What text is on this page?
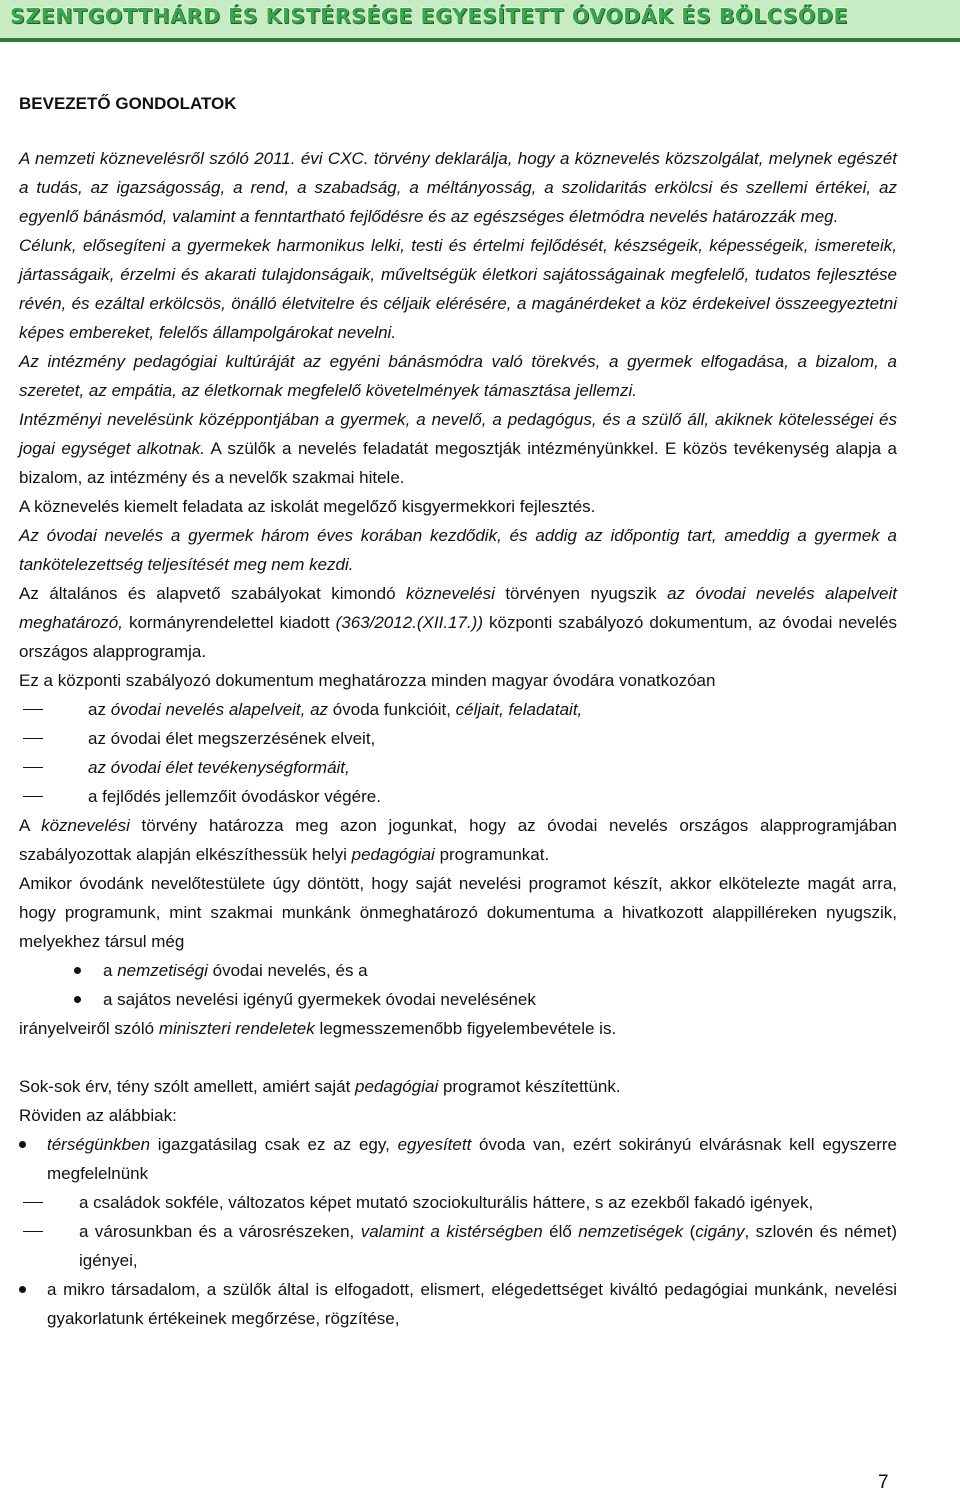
SZENTGOTTHÁRD ÉS KISTÉRSÉGE EGYESÍTETT ÓVODÁK ÉS BÖLCSŐDE

BEVEZETŐ GONDOLATOK

A nemzeti köznevelésről szóló 2011. évi CXC. törvény deklarálja, hogy a köznevelés közszolgálat, melynek egészét a tudás, az igazságosság, a rend, a szabadság, a méltányosság, a szolidaritás erkölcsi és szellemi értékei, az egyenlő bánásmód, valamint a fenntartható fejlődésre és az egészséges életmódra nevelés határozzák meg.

Célunk, elősegíteni a gyermekek harmonikus lelki, testi és értelmi fejlődését, készségeik, képességeik, ismereteik, jártasságaik, érzelmi és akarati tulajdonságaik, műveltségük életkori sajátosságainak megfelelő, tudatos fejlesztése révén, és ezáltal erkölcsös, önálló életvitelre és céljaik elérésére, a magánérdeket a köz érdekeivel összeegyeztetni képes embereket, felelős állampolgárokat nevelni.

Az intézmény pedagógiai kultúráját az egyéni bánásmódra való törekvés, a gyermek elfogadása, a bizalom, a szeretet, az empátia, az életkornak megfelelő követelmények támasztása jellemzi.

Intézményi nevelésünk középpontjában a gyermek, a nevelő, a pedagógus, és a szülő áll, akiknek kötelességei és jogai egységet alkotnak. A szülők a nevelés feladatát megosztják intézményünkkel. E közös tevékenység alapja a bizalom, az intézmény és a nevelők szakmai hitele.

A köznevelés kiemelt feladata az iskolát megelőző kisgyermekkori fejlesztés.

Az óvodai nevelés a gyermek három éves korában kezdődik, és addig az időpontig tart, ameddig a gyermek a tankötelezettség teljesítését meg nem kezdi.

Az általános és alapvető szabályokat kimondó köznevelési törvényen nyugszik az óvodai nevelés alapelveit meghatározó, kormányrendelettel kiadott (363/2012.(XII.17.)) központi szabályozó dokumentum, az óvodai nevelés országos alapprogramja.

Ez a központi szabályozó dokumentum meghatározza minden magyar óvodára vonatkozóan

az óvodai nevelés alapelveit, az óvoda funkcióit, céljait, feladatait,
az óvodai élet megszerzésének elveit,
az óvodai élet tevékenységformáit,
a fejlődés jellemzőit óvodáskor végére.

A köznevelési törvény határozza meg azon jogunkat, hogy az óvodai nevelés országos alapprogramjában szabályozottak alapján elkészíthessük helyi pedagógiai programunkat.

Amikor óvodánk nevelőtestülete úgy döntött, hogy saját nevelési programot készít, akkor elkötelezte magát arra, hogy programunk, mint szakmai munkánk önmeghatározó dokumentuma a hivatkozott alappilléreken nyugszik, melyekhez társul még

a nemzetiségi óvodai nevelés, és a
a sajátos nevelési igényű gyermekek óvodai nevelésének

irányelveiről szóló miniszteri rendeletek legmesszemenőbb figyelembevétele is.

Sok-sok érv, tény szólt amellett, amiért saját pedagógiai programot készítettünk.

Röviden az alábbiak:

térségünkben igazgatásilag csak ez az egy, egyesített óvoda van, ezért sokirányú elvárásnak kell egyszerre megfelelnünk
a családok sokféle, változatos képet mutató szociokulturális háttere, s az ezekből fakadó igények,
a városunkban és a városrészeken, valamint a kistérségben élő nemzetiségek (cigány, szlovén és német) igényei,
a mikro társadalom, a szülők által is elfogadott, elismert, elégedettséget kiváltó pedagógiai munkánk, nevelési gyakorlatunk értékeinek megőrzése, rögzítése,
7
